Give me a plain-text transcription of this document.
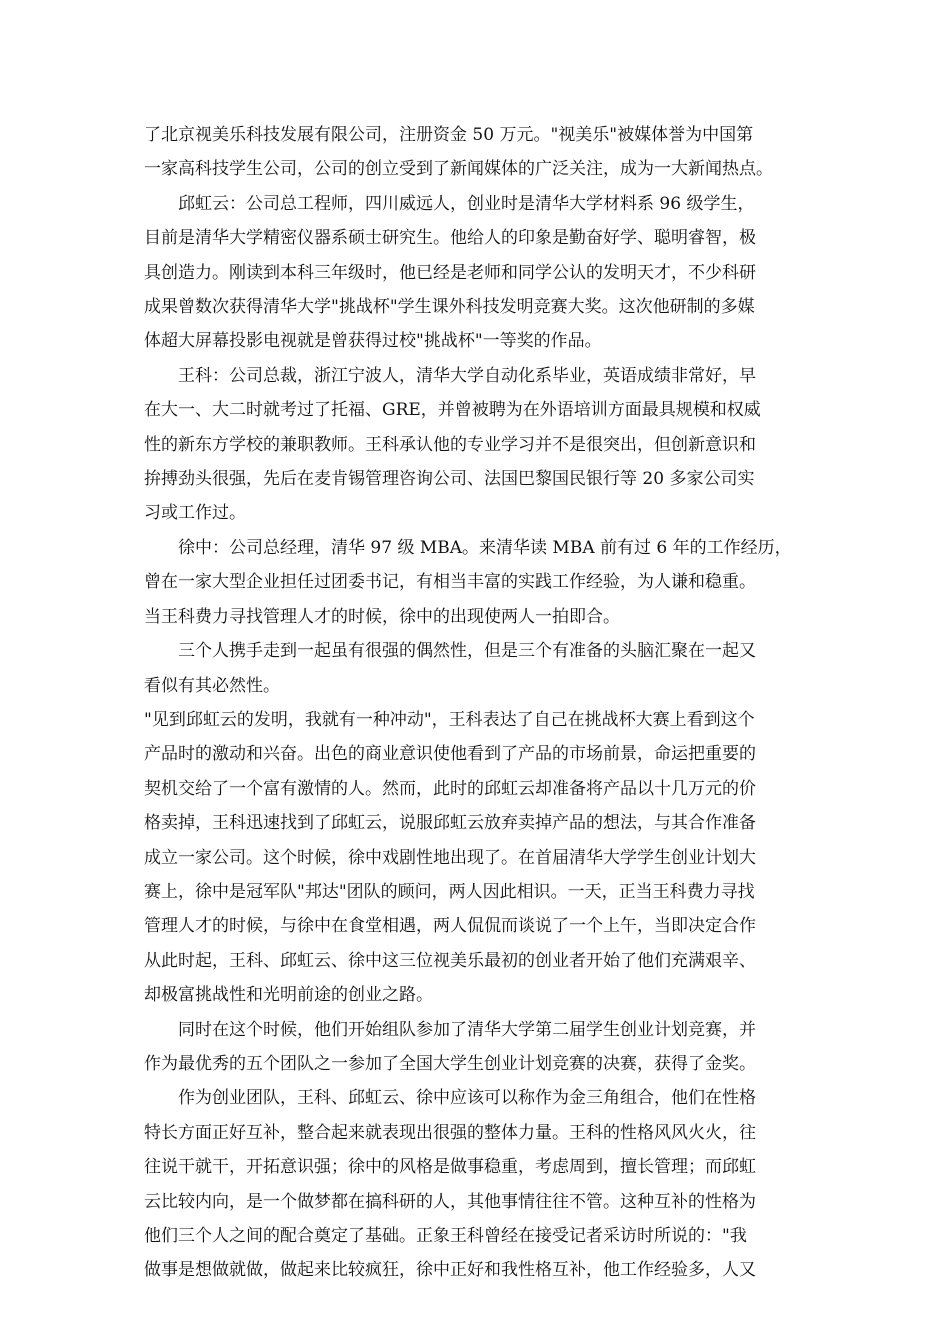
了北京视美乐科技发展有限公司，注册资金 50 万元。"视美乐"被媒体誉为中国第
一家高科技学生公司，公司的创立受到了新闻媒体的广泛关注，成为一大新闻热点。

　　邱虹云：公司总工程师，四川威远人，创业时是清华大学材料系 96 级学生，
目前是清华大学精密仪器系硕士研究生。他给人的印象是勤奋好学、聪明睿智，极
具创造力。刚读到本科三年级时，他已经是老师和同学公认的发明天才，不少科研
成果曾数次获得清华大学"挑战杯"学生课外科技发明竞赛大奖。这次他研制的多媒
体超大屏幕投影电视就是曾获得过校"挑战杯"一等奖的作品。

　　王科：公司总裁，浙江宁波人，清华大学自动化系毕业，英语成绩非常好，早
在大一、大二时就考过了托福、GRE，并曾被聘为在外语培训方面最具规模和权威
性的新东方学校的兼职教师。王科承认他的专业学习并不是很突出，但创新意识和
拚搏劲头很强，先后在麦肯锡管理咨询公司、法国巴黎国民银行等 20 多家公司实
习或工作过。

　　徐中：公司总经理，清华 97 级 MBA。来清华读 MBA 前有过 6 年的工作经历，
曾在一家大型企业担任过团委书记，有相当丰富的实践工作经验，为人谦和稳重。
当王科费力寻找管理人才的时候，徐中的出现使两人一拍即合。

　　三个人携手走到一起虽有很强的偶然性，但是三个有准备的头脑汇聚在一起又
看似有其必然性。

"见到邱虹云的发明，我就有一种冲动"，王科表达了自己在挑战杯大赛上看到这个
产品时的激动和兴奋。出色的商业意识使他看到了产品的市场前景，命运把重要的
契机交给了一个富有激情的人。然而，此时的邱虹云却准备将产品以十几万元的价
格卖掉，王科迅速找到了邱虹云，说服邱虹云放弃卖掉产品的想法，与其合作准备
成立一家公司。这个时候，徐中戏剧性地出现了。在首届清华大学学生创业计划大
赛上，徐中是冠军队"邦达"团队的顾问，两人因此相识。一天，正当王科费力寻找
管理人才的时候，与徐中在食堂相遇，两人侃侃而谈说了一个上午，当即决定合作
从此时起，王科、邱虹云、徐中这三位视美乐最初的创业者开始了他们充满艰辛、
却极富挑战性和光明前途的创业之路。

　　同时在这个时候，他们开始组队参加了清华大学第二届学生创业计划竞赛，并
作为最优秀的五个团队之一参加了全国大学生创业计划竞赛的决赛，获得了金奖。

　　作为创业团队，王科、邱虹云、徐中应该可以称作为金三角组合，他们在性格
特长方面正好互补，整合起来就表现出很强的整体力量。王科的性格风风火火，往
往说干就干，开拓意识强；徐中的风格是做事稳重，考虑周到，擅长管理；而邱虹
云比较内向，是一个做梦都在搞科研的人，其他事情往往不管。这种互补的性格为
他们三个人之间的配合奠定了基础。正象王科曾经在接受记者采访时所说的："我
做事是想做就做，做起来比较疯狂，徐中正好和我性格互补，他工作经验多，人又
